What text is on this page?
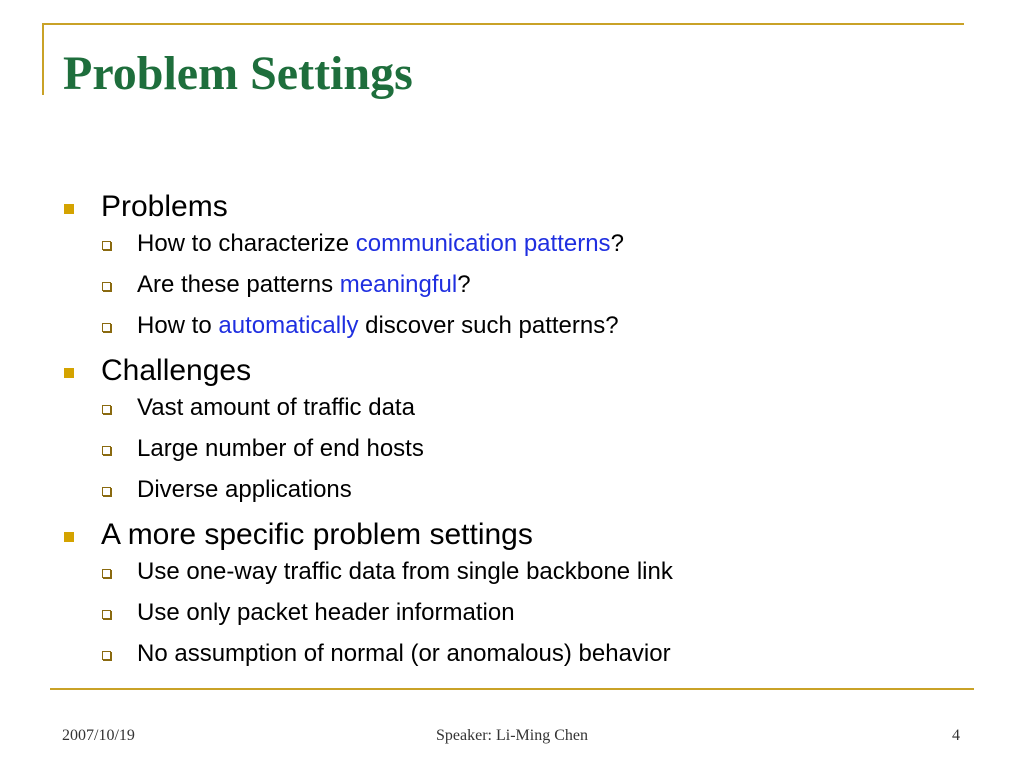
Problem Settings
Problems
How to characterize communication patterns?
Are these patterns meaningful?
How to automatically discover such patterns?
Challenges
Vast amount of traffic data
Large number of end hosts
Diverse applications
A more specific problem settings
Use one-way traffic data from single backbone link
Use only packet header information
No assumption of normal (or anomalous) behavior
2007/10/19	Speaker: Li-Ming Chen	4
